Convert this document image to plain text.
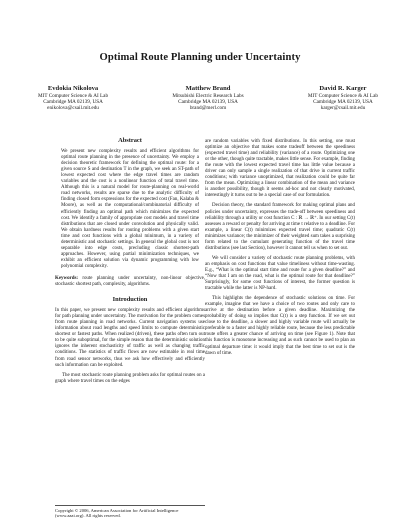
Optimal Route Planning under Uncertainty
Evdokia Nikolova
MIT Computer Science & AI Lab
Cambridge MA 02139, USA
enikolova@csail.mit.edu
Matthew Brand
Mitsubishi Electric Research Labs
Cambridge MA 02139, USA
brand@merl.com
David R. Karger
MIT Computer Science & AI Lab
Cambridge MA 02139, USA
karger@csail.mit.edu
Abstract

We present new complexity results and efficient algorithms for optimal route planning in the presence of uncertainty. We employ a decision theoretic framework for defining the optimal route: for a given source S and destination T in the graph, we seek an ST-path of lowest expected cost where the edge travel times are random variables and the cost is a nonlinear function of total travel time. Although this is a natural model for route-planning on real-world road networks, results are sparse due to the analytic difficulty of finding closed form expressions for the expected cost (Fan, Kalaba & Moore), as well as the computational/combinatorial difficulty of efficiently finding an optimal path which minimizes the expected cost. We identify a family of appropriate cost models and travel time distributions that are closed under convolution and physically valid. We obtain hardness results for routing problems with a given start time and cost functions with a global minimum, in a variety of deterministic and stochastic settings. In general the global cost is not separable into edge costs, precluding classic shortest-path approaches. However, using partial minimization techniques, we exhibit an efficient solution via dynamic programming with low polynomial complexity.

Keywords: route planning under uncertainty, non-linear objective, stochastic shortest path, complexity, algorithms.

Introduction

In this paper, we present new complexity results and efficient algorithms for path planning under uncertainty. The motivation for the problem comes from route planning in road networks. Current navigation systems use information about road lengths and speed limits to compute deterministic shortest or fastest paths. When realized (driven), these paths often turn out to be quite suboptimal, for the simple reason that the deterministic solution ignores the inherent stochasticity of traffic as well as changing traffic conditions. The statistics of traffic flows are now estimable in real time from road sensor networks, thus we ask how effectively and efficiently such information can be exploited.

The most stochastic route planning problem asks for optimal routes on a graph where travel times on the edges

Copyright © 2006, American Association for Artificial Intelligence (www.aaai.org). All rights reserved.

are random variables with fixed distributions. In this setting, one must optimize an objective that makes some tradeoff between the speediness (expected travel time) and reliability (variance) of a route. Optimizing one or the other, though quite tractable, makes little sense. For example, finding the route with the lowest expected travel time has little value because a driver can only sample a single realization of that drive in current traffic conditions; with variance unoptimized, that realization could be quite far from the mean. Optimizing a linear combination of the mean and variance is another possibility, though it seems ad-hoc and not clearly motivated, interestingly it turns out to be a special case of our formulation.

Decision theory, the standard framework for making optimal plans and policies under uncertainty, expresses the trade-off between speediness and reliability through a utility or cost function C : ℝ → ℝ⁺. In our setting C(t) assesses a reward or penalty for arriving at time t relative to a deadline. For example, a linear C(t) minimizes expected travel time; quadratic C(t) minimizes variance; the minimizer of their weighted sum takes a surprising form related to the cumulant generating function of the travel time distributions (see last Section), however it cannot tell us when to set out.

We will consider a variety of stochastic route planning problems, with an emphasis on cost functions that value timeliness without time-wasting. E.g., “What is the optimal start time and route for a given deadline?” and “Now that I am on the road, what is the optimal route for that deadline?” Surprisingly, for some cost functions of interest, the former question is tractable while the latter is NP-hard.

This highlights the dependence of stochastic solutions on time. For example, imagine that we have a choice of two routes and only care to arrive at the destination before a given deadline. Maximizing the probability of doing so implies that C(t) is a step function. If we set out close to the deadline, a slower and highly variable route will actually be preferable to a faster and highly reliable route, because the less predictable route offers a greater chance of arriving on time (see Figure 1). Note that this function is monotone increasing and as such cannot be used to plan an optimal departure time: it would imply that the best time to set out is the dawn of time.
